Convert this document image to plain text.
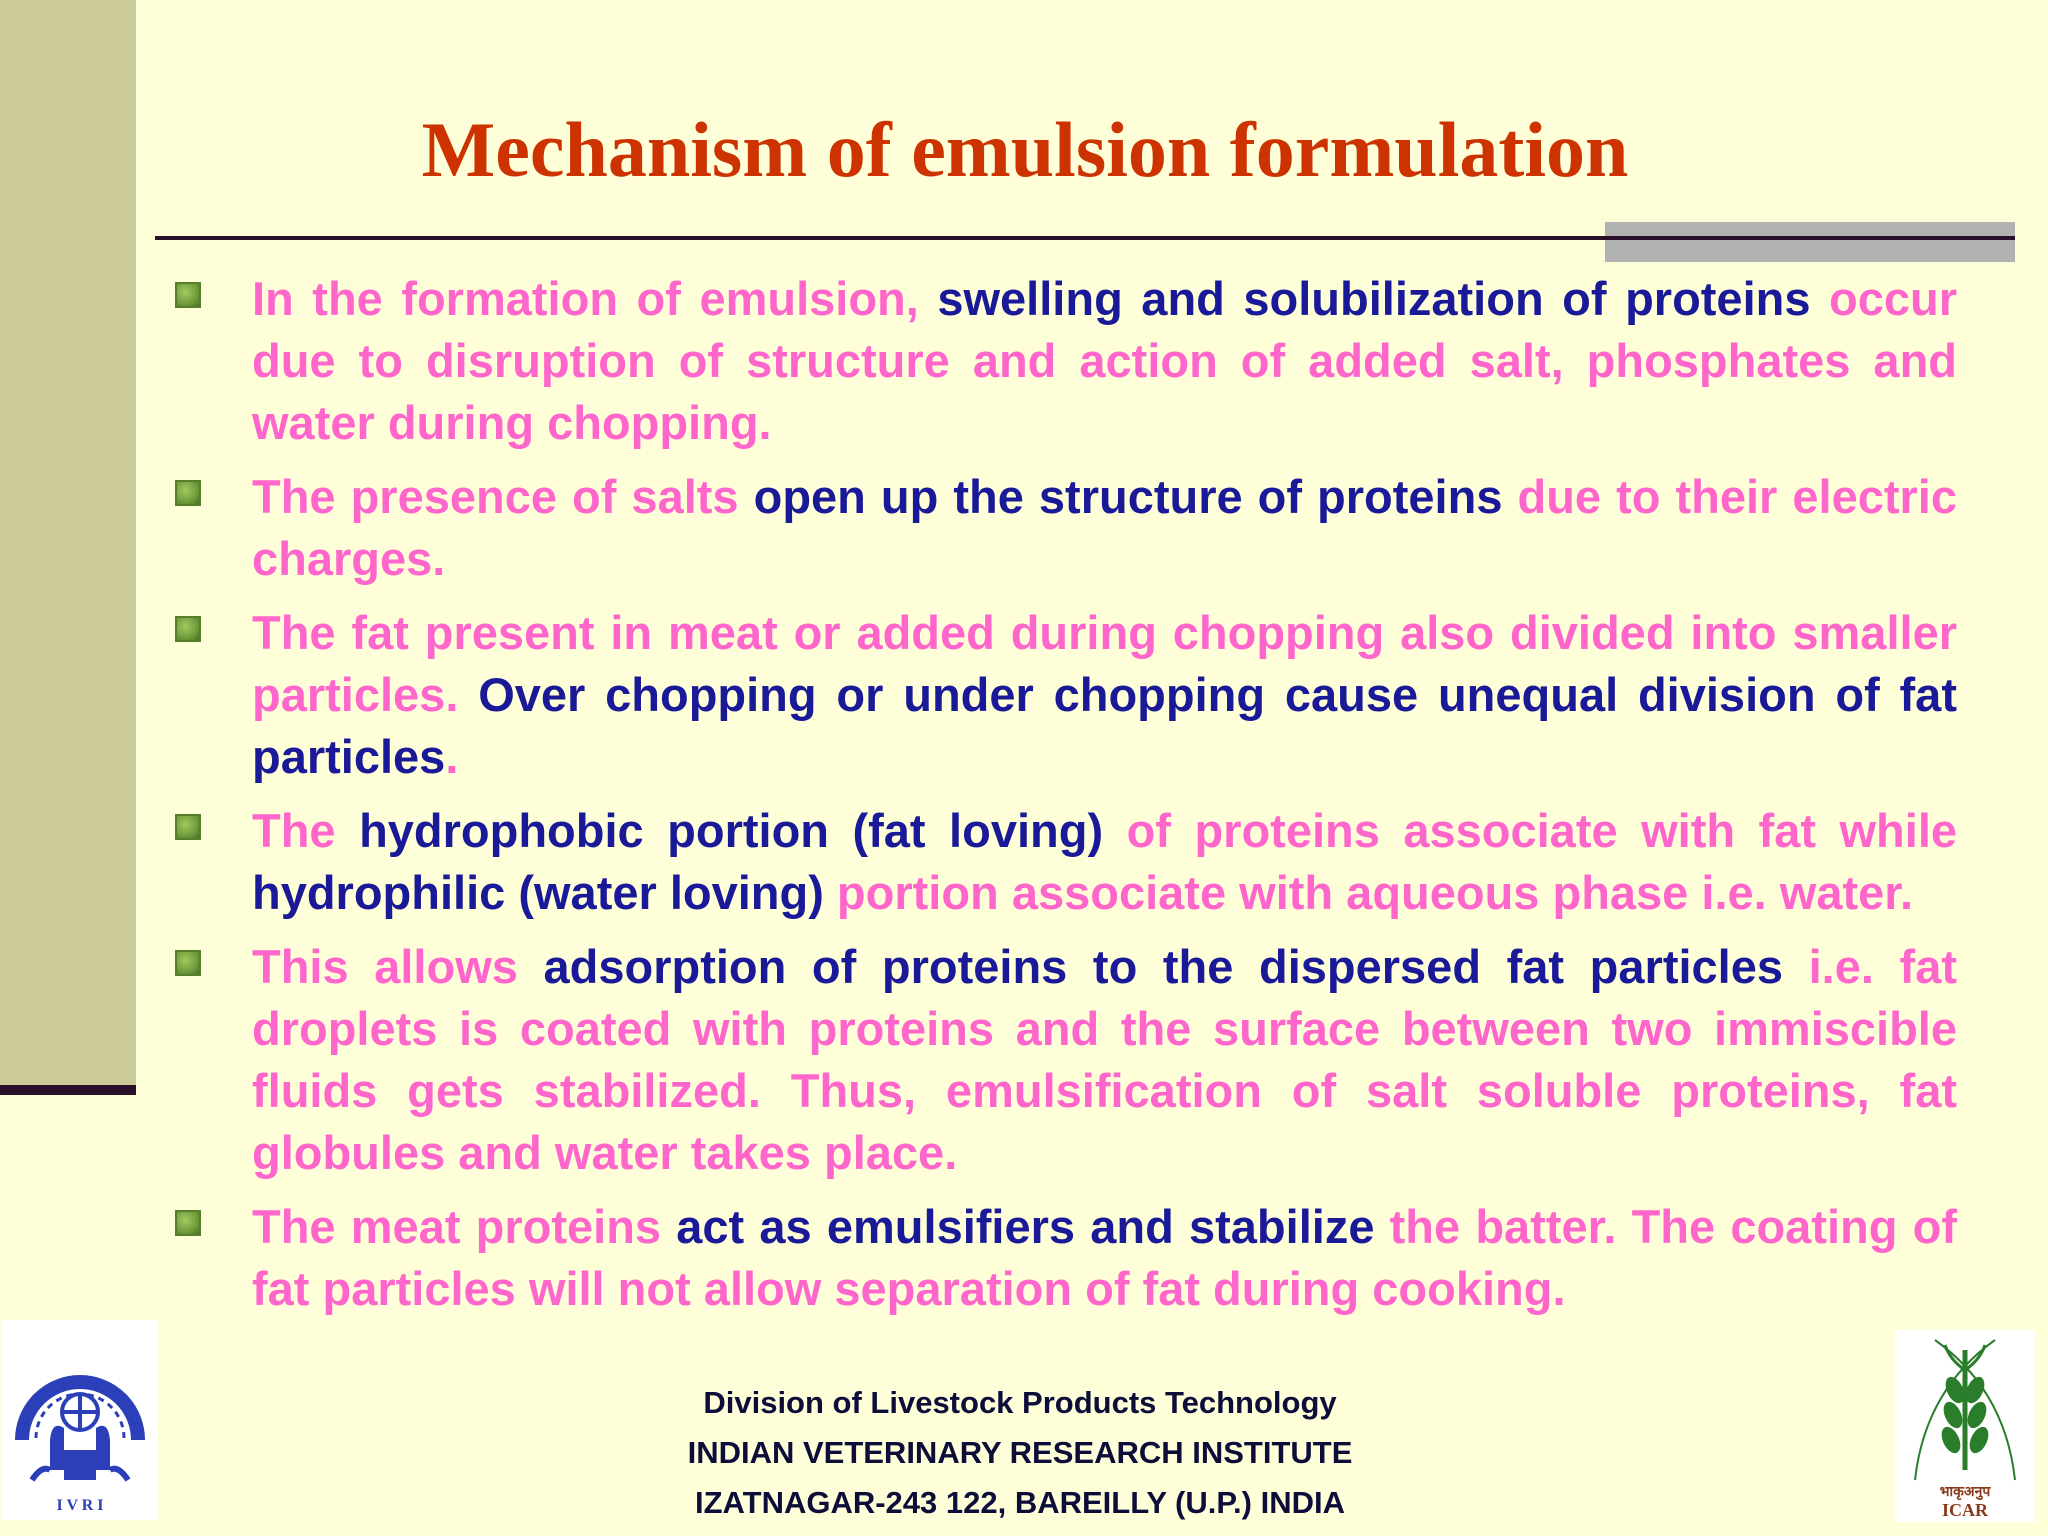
Mechanism of emulsion formulation
In the formation of emulsion, swelling and solubilization of proteins occur due to disruption of structure and action of added salt, phosphates and water during chopping.
The presence of salts open up the structure of proteins due to their electric charges.
The fat present in meat or added during chopping also divided into smaller particles. Over chopping or under chopping cause unequal division of fat particles.
The hydrophobic portion (fat loving) of proteins associate with fat while hydrophilic (water loving) portion associate with aqueous phase i.e. water.
This allows adsorption of proteins to the dispersed fat particles i.e. fat droplets is coated with proteins and the surface between two immiscible fluids gets stabilized. Thus, emulsification of salt soluble proteins, fat globules and water takes place.
The meat proteins act as emulsifiers and stabilize the batter. The coating of fat particles will not allow separation of fat during cooking.
Division of Livestock Products Technology
INDIAN VETERINARY RESEARCH INSTITUTE
IZATNAGAR-243 122, BAREILLY (U.P.) INDIA
I V R I
भाकृअनुप
ICAR
